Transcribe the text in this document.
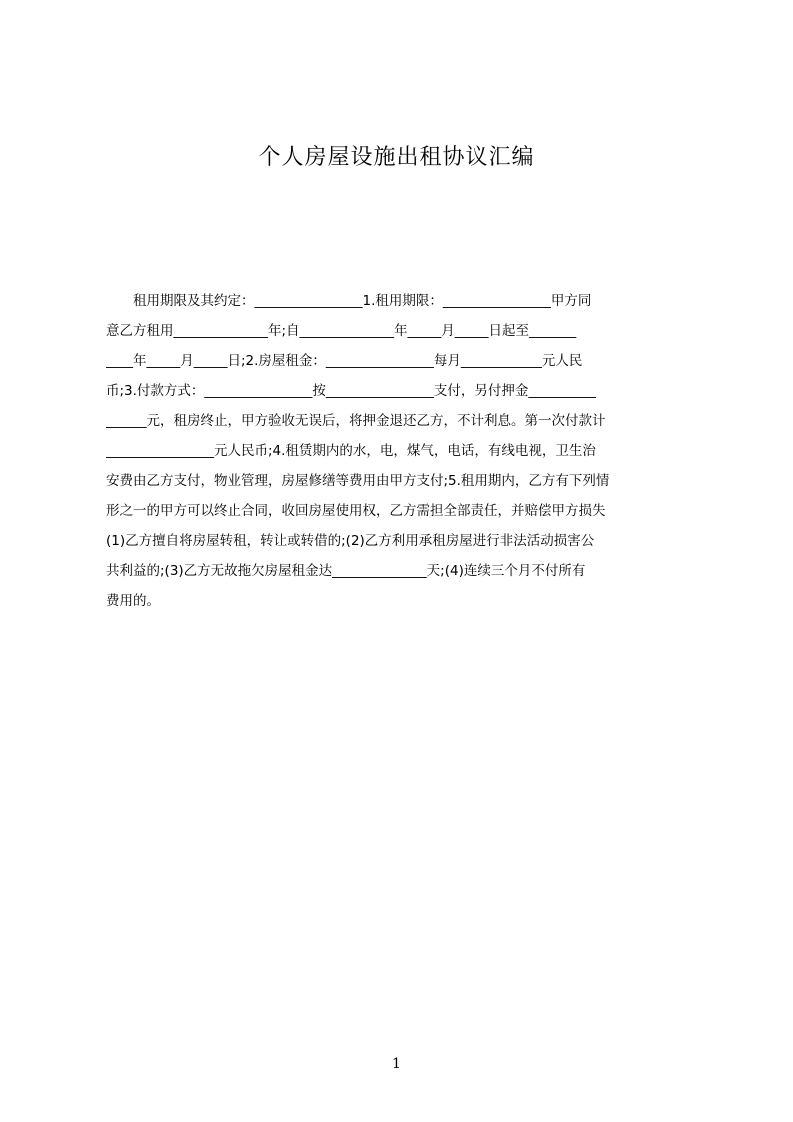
个人房屋设施出租协议汇编
　　租用期限及其约定：________________1.租用期限：________________甲方同
意乙方租用______________年;自______________年_____月_____日起至_______
____年_____月_____日;2.房屋租金：________________每月____________元人民
币;3.付款方式：________________按________________支付，另付押金__________
______元，租房终止，甲方验收无误后，将押金退还乙方，不计利息。第一次付款计
________________元人民币;4.租赁期内的水，电，煤气，电话，有线电视，卫生治
安费由乙方支付，物业管理，房屋修缮等费用由甲方支付;5.租用期内，乙方有下列情
形之一的甲方可以终止合同，收回房屋使用权，乙方需担全部责任，并赔偿甲方损失
(1)乙方擅自将房屋转租，转让或转借的;(2)乙方利用承租房屋进行非法活动损害公
共利益的;(3)乙方无故拖欠房屋租金达______________天;(4)连续三个月不付所有
费用的。
1
